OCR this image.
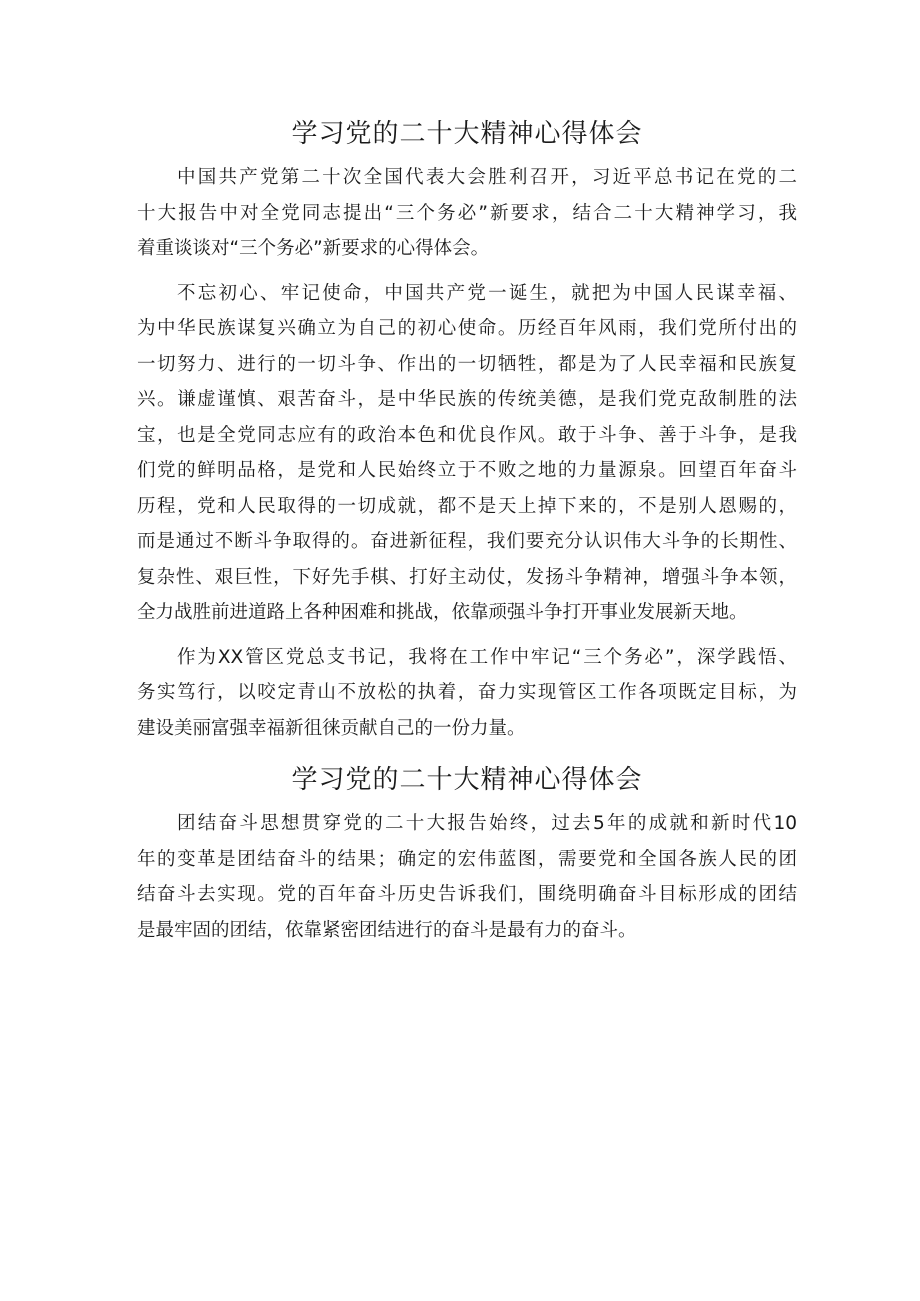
学习党的二十大精神心得体会
中国共产党第二十次全国代表大会胜利召开，习近平总书记在党的二
十大报告中对全党同志提出“三个务必”新要求，结合二十大精神学习，我
着重谈谈对“三个务必”新要求的心得体会。
不忘初心、牢记使命，中国共产党一诞生，就把为中国人民谋幸福、
为中华民族谋复兴确立为自己的初心使命。历经百年风雨，我们党所付出的
一切努力、进行的一切斗争、作出的一切牺牲，都是为了人民幸福和民族复
兴。谦虚谨慎、艰苦奋斗，是中华民族的传统美德，是我们党克敌制胜的法
宝，也是全党同志应有的政治本色和优良作风。敢于斗争、善于斗争，是我
们党的鲜明品格，是党和人民始终立于不败之地的力量源泉。回望百年奋斗
历程，党和人民取得的一切成就，都不是天上掉下来的，不是别人恩赐的，
而是通过不断斗争取得的。奋进新征程，我们要充分认识伟大斗争的长期性、
复杂性、艰巨性，下好先手棋、打好主动仗，发扬斗争精神，增强斗争本领，
全力战胜前进道路上各种困难和挑战，依靠顽强斗争打开事业发展新天地。
作为XX管区党总支书记，我将在工作中牢记“三个务必”，深学践悟、
务实笃行，以咬定青山不放松的执着，奋力实现管区工作各项既定目标，为
建设美丽富强幸福新徂徕贡献自己的一份力量。
学习党的二十大精神心得体会
团结奋斗思想贯穿党的二十大报告始终，过去5年的成就和新时代10
年的变革是团结奋斗的结果；确定的宏伟蓝图，需要党和全国各族人民的团
结奋斗去实现。党的百年奋斗历史告诉我们，围绕明确奋斗目标形成的团结
是最牢固的团结，依靠紧密团结进行的奋斗是最有力的奋斗。
